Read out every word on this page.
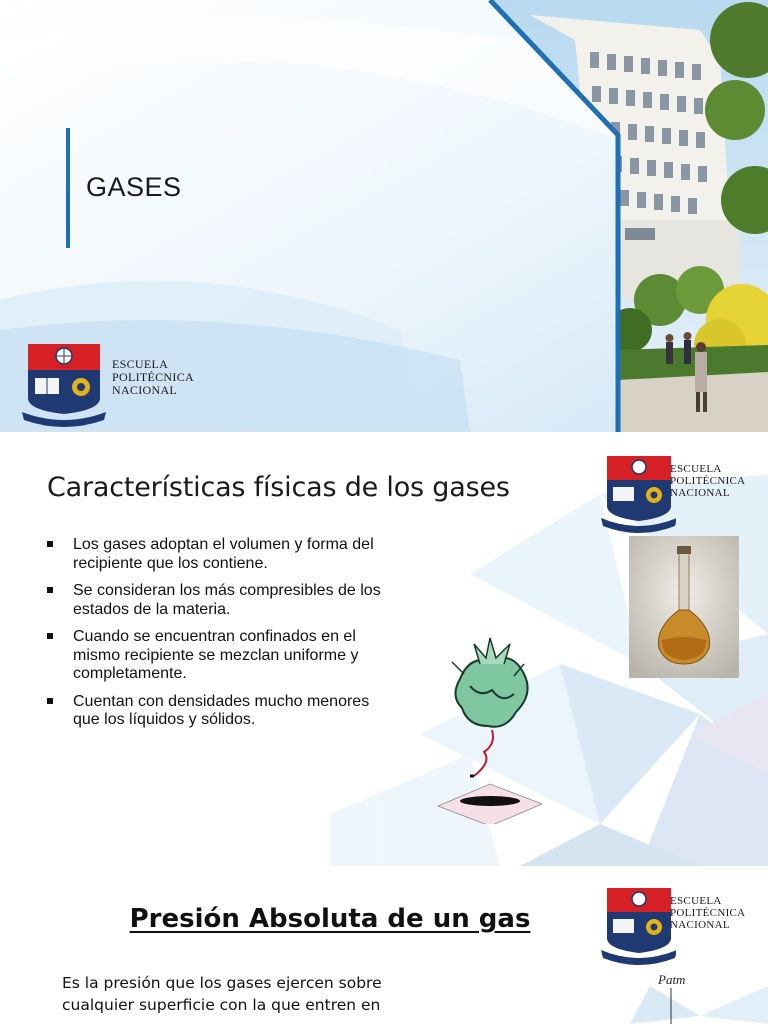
GASES
ESCUELA
POLITÉCNICA
NACIONAL
Características físicas de los gases
Los gases adoptan el volumen y forma del recipiente que los contiene.
Se consideran los más compresibles de los estados de la materia.
Cuando se encuentran confinados en el mismo recipiente se mezclan uniforme y completamente.
Cuentan con densidades mucho menores que los líquidos y sólidos.
ESCUELA
POLITÉCNICA
NACIONAL
Presión Absoluta de un gas
Es la presión que los gases ejercen sobre cualquier superficie con la que entren en
ESCUELA
POLITÉCNICA
NACIONAL
Patm
